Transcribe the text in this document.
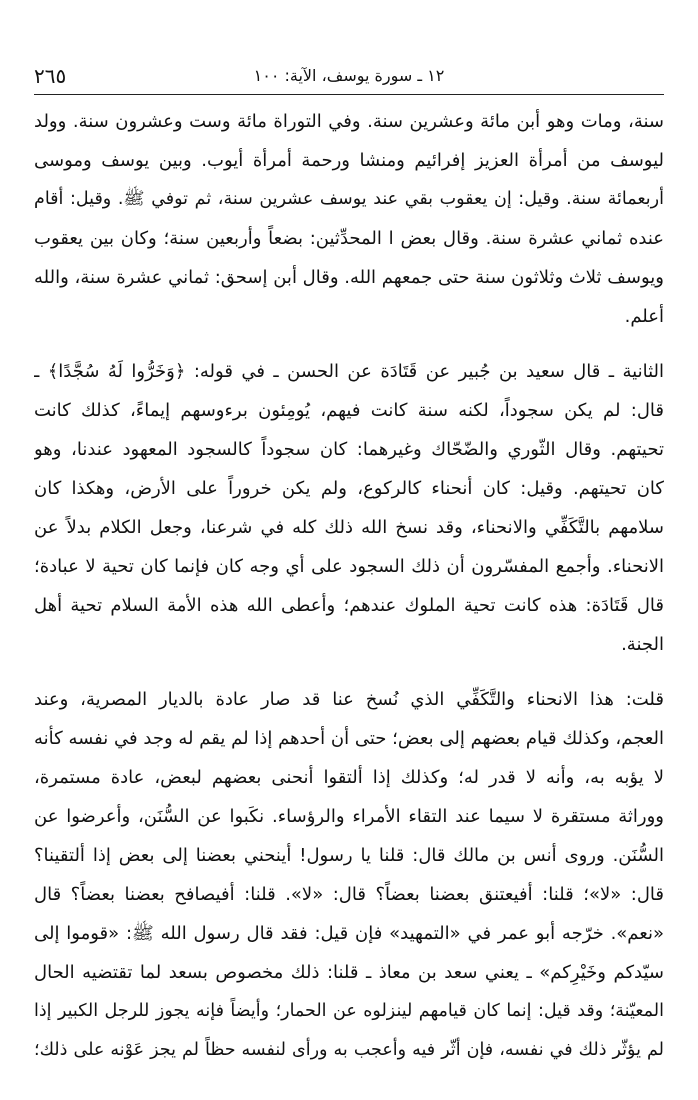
٢٦٥	١٢ ـ سورة يوسف، الآية: ١٠٠
سنة، ومات وهو أبن مائة وعشرين سنة. وفي التوراة مائة وست وعشرون سنة. وولد
ليوسف من أمرأة العزيز إفرائيم ومنشا ورحمة أمرأة أيوب. وبين يوسف وموسى
أربعمائة سنة. وقيل: إن يعقوب بقي عند يوسف عشرين سنة، ثم توفي ﷺ. وقيل: أقام
عنده ثماني عشرة سنة. وقال بعض ا المحدِّثين: بضعاً وأربعين سنة؛ وكان بين يعقوب
ويوسف ثلاث وثلاثون سنة حتى جمعهم الله. وقال أبن إسحق: ثماني عشرة سنة، والله
أعلم.
الثانية ـ قال سعيد بن جُبير عن قَتَادَة عن الحسن ـ في قوله: ﴿وَخَرُّوا لَهُ سُجَّدًا﴾ ـ
قال: لم يكن سجوداً، لكنه سنة كانت فيهم، يُومِئون برءوسهم إيماءً، كذلك كانت
تحيتهم. وقال الثّوري والضّحّاك وغيرهما: كان سجوداً كالسجود المعهود عندنا، وهو
كان تحيتهم. وقيل: كان أنحناء كالركوع، ولم يكن خروراً على الأرض، وهكذا كان
سلامهم بالتَّكَفِّي والانحناء، وقد نسخ الله ذلك كله في شرعنا، وجعل الكلام بدلاً عن
الانحناء. وأجمع المفسّرون أن ذلك السجود على أي وجه كان فإنما كان تحية لا عبادة؛
قال قَتَادَة: هذه كانت تحية الملوك عندهم؛ وأعطى الله هذه الأمة السلام تحية أهل
الجنة.
قلت: هذا الانحناء والتَّكَفِّي الذي نُسخ عنا قد صار عادة بالديار المصرية، وعند
العجم، وكذلك قيام بعضهم إلى بعض؛ حتى أن أحدهم إذا لم يقم له وجد في نفسه كأنه
لا يؤبه به، وأنه لا قدر له؛ وكذلك إذا ألتقوا أنحنى بعضهم لبعض، عادة مستمرة،
ووراثة مستقرة لا سيما عند التقاء الأمراء والرؤساء. نكَبوا عن السُّنَن، وأعرضوا عن
السُّنَن. وروى أنس بن مالك قال: قلنا يا رسول! أينحني بعضنا إلى بعض إذا ألتقينا؟
قال: «لا»؛ قلنا: أفيعتنق بعضنا بعضاً؟ قال: «لا». قلنا: أفيصافح بعضنا بعضاً؟ قال
«نعم». خرّجه أبو عمر في «التمهيد» فإن قيل: فقد قال رسول الله ﷺ: «قوموا إلى
سيّدكم وخَيْرِكم» ـ يعني سعد بن معاذ ـ قلنا: ذلك مخصوص بسعد لما تقتضيه الحال
المعيّنة؛ وقد قيل: إنما كان قيامهم لينزلوه عن الحمار؛ وأيضاً فإنه يجوز للرجل الكبير إذا
لم يؤثّر ذلك في نفسه، فإن أثّر فيه وأعجب به ورأى لنفسه حظاً لم يجز عَوْنه على ذلك؛
